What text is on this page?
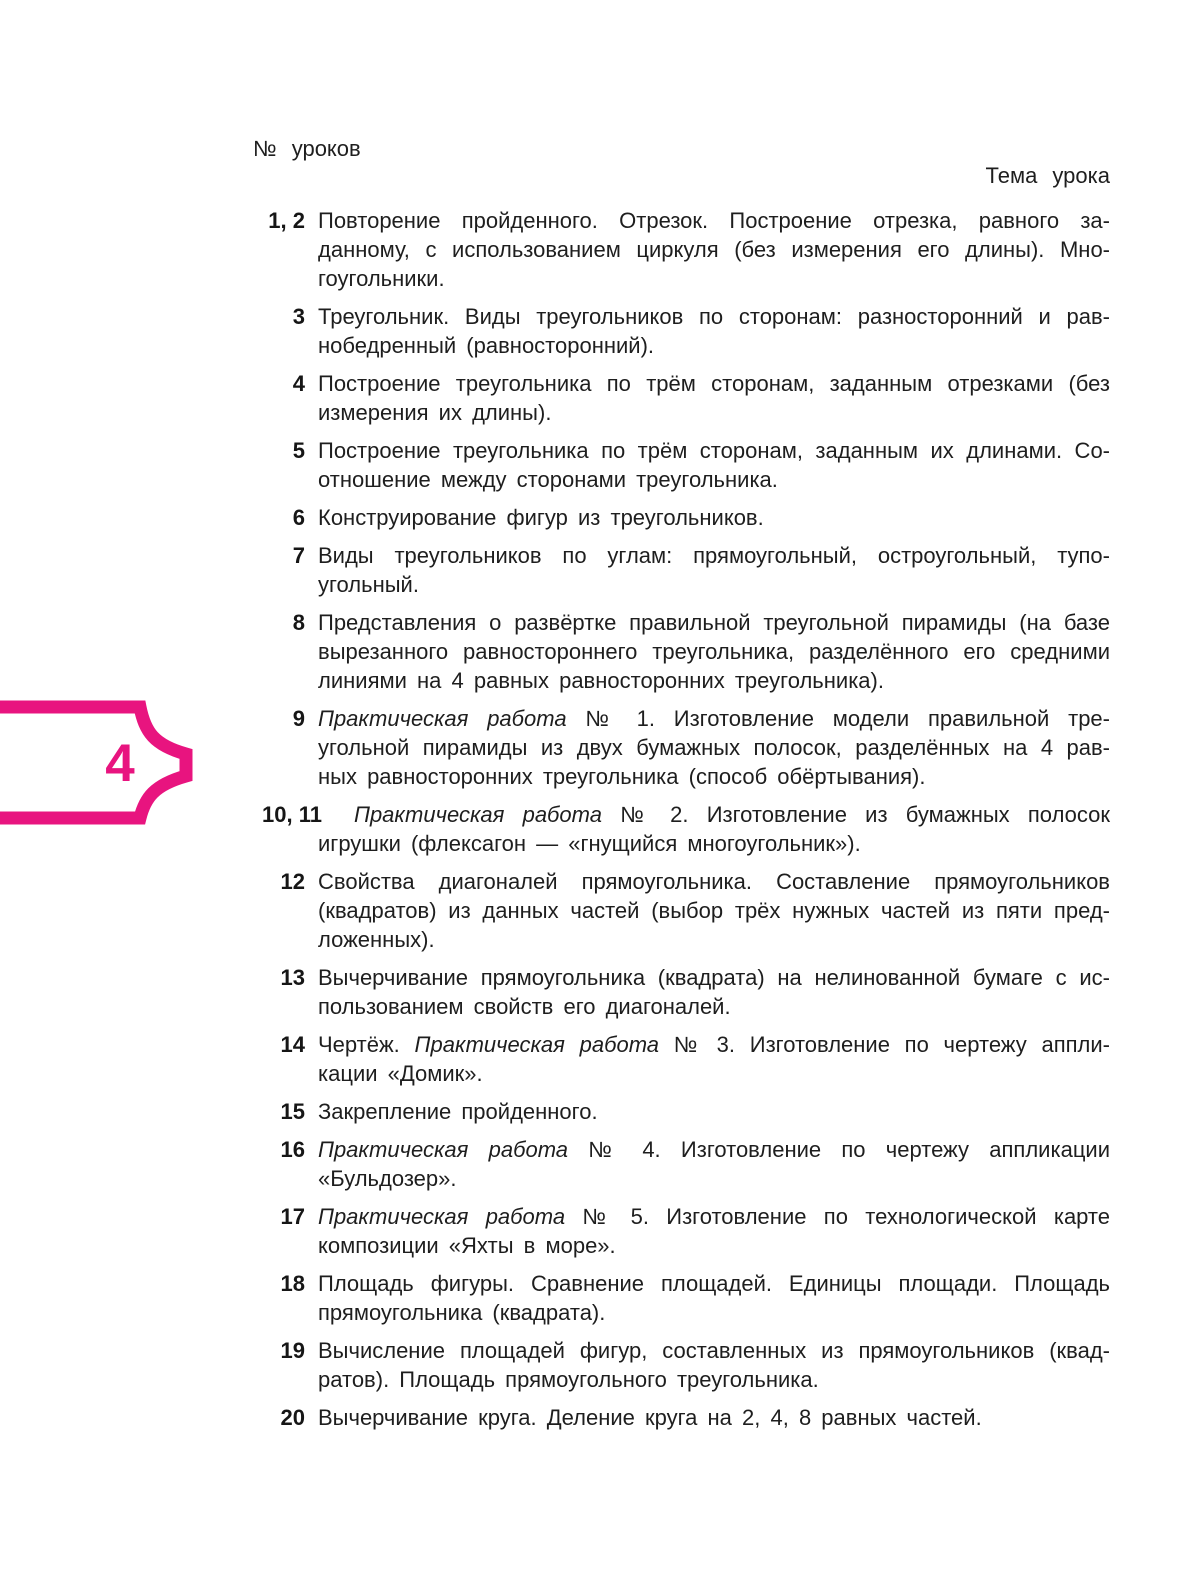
4
№ уроков
Тема урока
1, 2 Повторение пройденного. Отрезок. Построение отрезка, равного за-
данному, с использованием циркуля (без измерения его длины). Мно-
гоугольники.
3 Треугольник. Виды треугольников по сторонам: разносторонний и рав-
нобедренный (равносторонний).
4 Построение треугольника по трём сторонам, заданным отрезками (без
измерения их длины).
5 Построение треугольника по трём сторонам, заданным их длинами. Со-
отношение между сторонами треугольника.
6 Конструирование фигур из треугольников.
7 Виды треугольников по углам: прямоугольный, остроугольный, тупо-
угольный.
8 Представления о развёртке правильной треугольной пирамиды (на базе
вырезанного равностороннего треугольника, разделённого его средними
линиями на 4 равных равносторонних треугольника).
9 Практическая работа № 1. Изготовление модели правильной тре-
угольной пирамиды из двух бумажных полосок, разделённых на 4 рав-
ных равносторонних треугольника (способ обёртывания).
10, 11	Практическая работа № 2. Изготовление из бумажных полосок
игрушки (флексагон — «гнущийся многоугольник»).
12 Свойства диагоналей прямоугольника. Составление прямоугольников
(квадратов) из данных частей (выбор трёх нужных частей из пяти пред-
ложенных).
13 Вычерчивание прямоугольника (квадрата) на нелинованной бумаге с ис-
пользованием свойств его диагоналей.
14 Чертёж. Практическая работа № 3. Изготовление по чертежу аппли-
кации «Домик».
15 Закрепление пройденного.
16 Практическая работа № 4. Изготовление по чертежу аппликации
«Бульдозер».
17 Практическая работа № 5. Изготовление по технологической карте
композиции «Яхты в море».
18 Площадь фигуры. Сравнение площадей. Единицы площади. Площадь
прямоугольника (квадрата).
19 Вычисление площадей фигур, составленных из прямоугольников (квад-
ратов). Площадь прямоугольного треугольника.
20 Вычерчивание круга. Деление круга на 2, 4, 8 равных частей.
